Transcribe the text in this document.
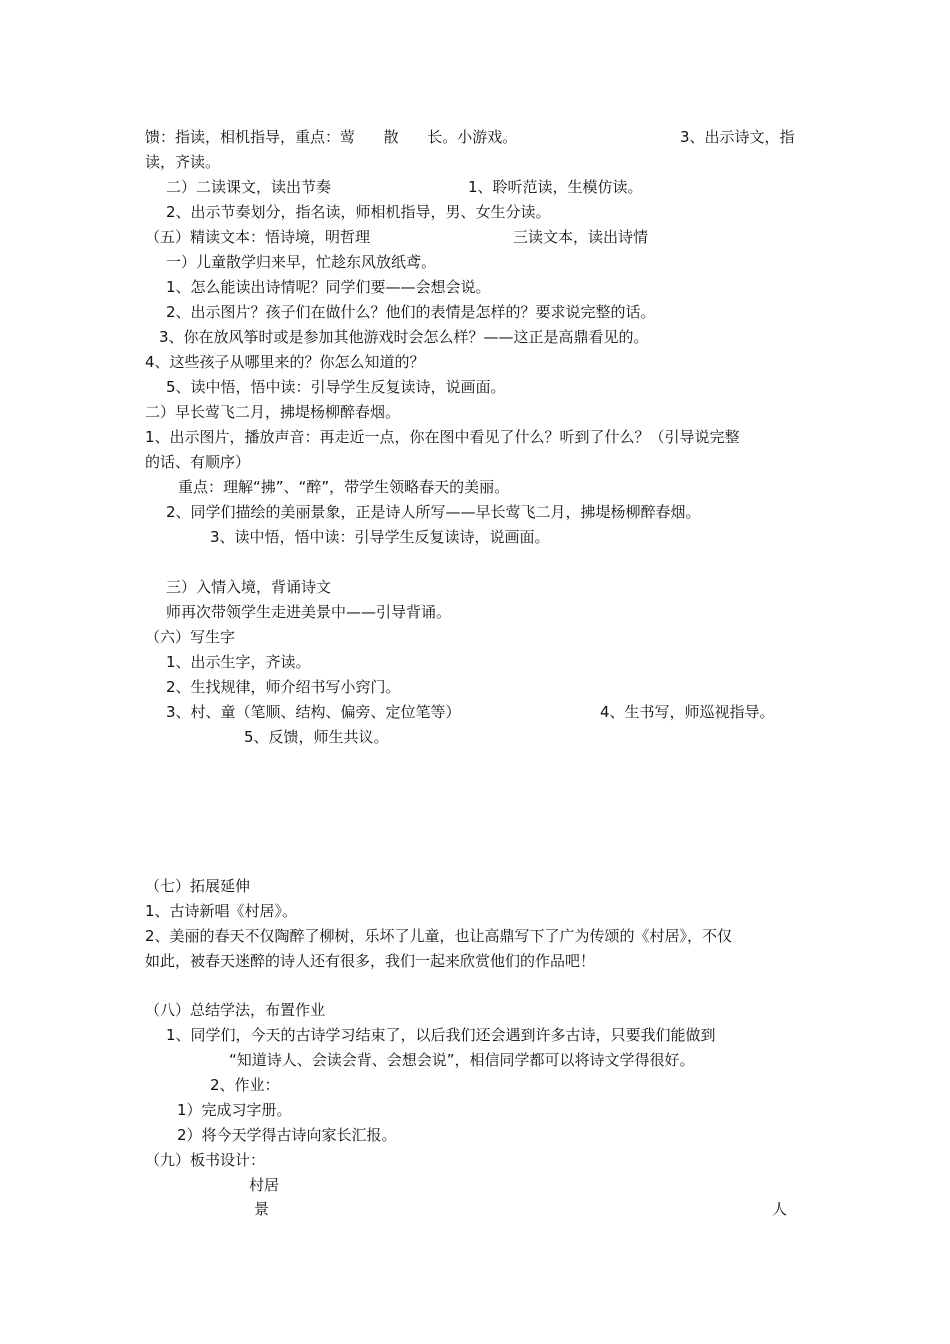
馈：指读，相机指导，重点：莺      散      长。小游戏。	3、出示诗文，指
读，齐读。
二）二读课文，读出节奏	1、聆听范读，生模仿读。
2、出示节奏划分，指名读，师相机指导，男、女生分读。
（五）精读文本：悟诗境，明哲理	三读文本，读出诗情
一）儿童散学归来早，忙趁东风放纸鸢。
1、怎么能读出诗情呢？同学们要——会想会说。
2、出示图片？孩子们在做什么？他们的表情是怎样的？要求说完整的话。
3、你在放风筝时或是参加其他游戏时会怎么样？——这正是高鼎看见的。
4、这些孩子从哪里来的？你怎么知道的？
5、读中悟，悟中读：引导学生反复读诗，说画面。
二）早长莺飞二月，拂堤杨柳醉春烟。
1、出示图片，播放声音：再走近一点，你在图中看见了什么？听到了什么？（引导说完整
的话、有顺序）
重点：理解“拂”、“醉”，带学生领略春天的美丽。
2、同学们描绘的美丽景象，正是诗人所写——早长莺飞二月，拂堤杨柳醉春烟。
3、读中悟，悟中读：引导学生反复读诗，说画面。
三）入情入境，背诵诗文
师再次带领学生走进美景中——引导背诵。
（六）写生字
1、出示生字，齐读。
2、生找规律，师介绍书写小窍门。
3、村、童（笔顺、结构、偏旁、定位笔等）	4、生书写，师巡视指导。
5、反馈，师生共议。
（七）拓展延伸
1、古诗新唱《村居》。
2、美丽的春天不仅陶醉了柳树，乐坏了儿童，也让高鼎写下了广为传颂的《村居》，不仅
如此，被春天迷醉的诗人还有很多，我们一起来欣赏他们的作品吧！
（八）总结学法，布置作业
1、同学们，今天的古诗学习结束了，以后我们还会遇到许多古诗，只要我们能做到
“知道诗人、会读会背、会想会说”，相信同学都可以将诗文学得很好。
2、作业：
1）完成习字册。
2）将今天学得古诗向家长汇报。
（九）板书设计：
村居
景	人
